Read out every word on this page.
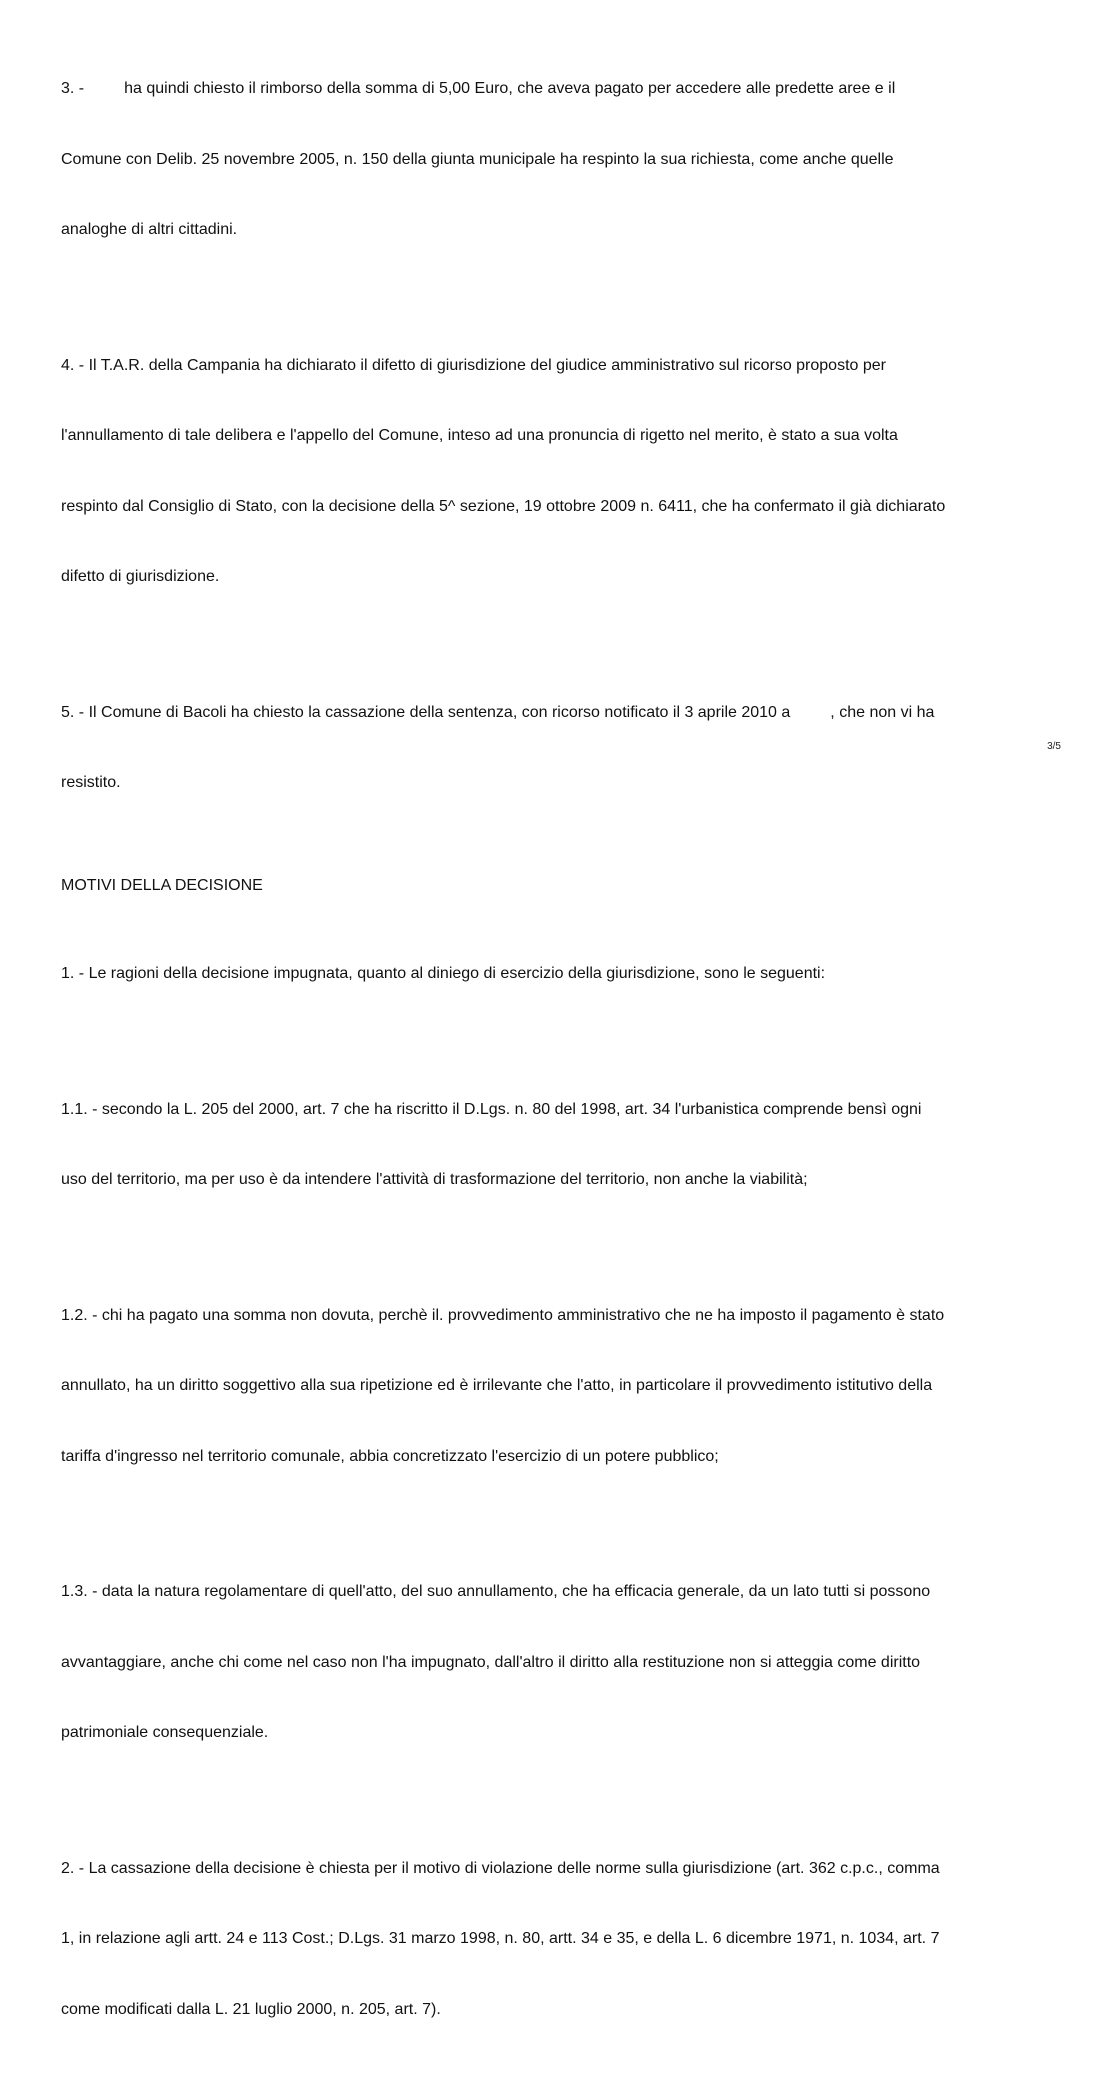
3. -         ha quindi chiesto il rimborso della somma di 5,00 Euro, che aveva pagato per accedere alle predette aree e il

Comune con Delib. 25 novembre 2005, n. 150 della giunta municipale ha respinto la sua richiesta, come anche quelle

analoghe di altri cittadini.

4. - Il T.A.R. della Campania ha dichiarato il difetto di giurisdizione del giudice amministrativo sul ricorso proposto per

l'annullamento di tale delibera e l'appello del Comune, inteso ad una pronuncia di rigetto nel merito, è stato a sua volta

respinto dal Consiglio di Stato, con la decisione della 5^ sezione, 19 ottobre 2009 n. 6411, che ha confermato il già dichiarato

difetto di giurisdizione.

5. - Il Comune di Bacoli ha chiesto la cassazione della sentenza, con ricorso notificato il 3 aprile 2010 a         , che non vi ha

resistito.

MOTIVI DELLA DECISIONE

1. - Le ragioni della decisione impugnata, quanto al diniego di esercizio della giurisdizione, sono le seguenti:

1.1. - secondo la L. 205 del 2000, art. 7 che ha riscritto il D.Lgs. n. 80 del 1998, art. 34 l'urbanistica comprende bensì ogni

uso del territorio, ma per uso è da intendere l'attività di trasformazione del territorio, non anche la viabilità;

1.2. - chi ha pagato una somma non dovuta, perchè il. provvedimento amministrativo che ne ha imposto il pagamento è stato

annullato, ha un diritto soggettivo alla sua ripetizione ed è irrilevante che l'atto, in particolare il provvedimento istitutivo della

tariffa d'ingresso nel territorio comunale, abbia concretizzato l'esercizio di un potere pubblico;

1.3. - data la natura regolamentare di quell'atto, del suo annullamento, che ha efficacia generale, da un lato tutti si possono

avvantaggiare, anche chi come nel caso non l'ha impugnato, dall'altro il diritto alla restituzione non si atteggia come diritto

patrimoniale consequenziale.

2. - La cassazione della decisione è chiesta per il motivo di violazione delle norme sulla giurisdizione (art. 362 c.p.c., comma

1, in relazione agli artt. 24 e 113 Cost.; D.Lgs. 31 marzo 1998, n. 80, artt. 34 e 35, e della L. 6 dicembre 1971, n. 1034, art. 7

come modificati dalla L. 21 luglio 2000, n. 205, art. 7).

3/5
